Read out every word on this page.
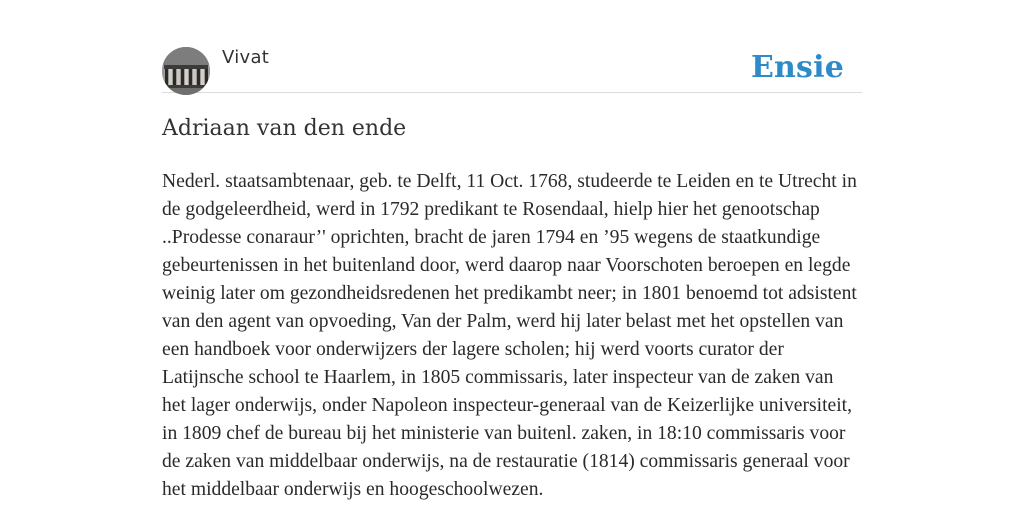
Vivat	Ensie
Adriaan van den ende

Nederl. staatsambtenaar, geb. te Delft, 11 Oct. 1768, studeerde te Leiden en te Utrecht in de godgeleerdheid, werd in 1792 predikant te Rosendaal, hielp hier het genootschap ..Prodesse conaraur’' oprichten, bracht de jaren 1794 en ’95 wegens de staatkundige gebeurtenissen in het buitenland door, werd daarop naar Voorschoten beroepen en legde weinig later om gezondheidsredenen het predikambt neer; in 1801 benoemd tot adsistent van den agent van opvoeding, Van der Palm, werd hij later belast met het opstellen van een handboek voor onderwijzers der lagere scholen; hij werd voorts curator der Latijnsche school te Haarlem, in 1805 commissaris, later inspecteur van de zaken van het lager onderwijs, onder Napoleon inspecteur-generaal van de Keizerlijke universiteit, in 1809 chef de bureau bij het ministerie van buitenl. zaken, in 18:10 commissaris voor de zaken van middelbaar onderwijs, na de restauratie (1814) commissaris generaal voor het middelbaar onderwijs en hoogeschoolwezen.
